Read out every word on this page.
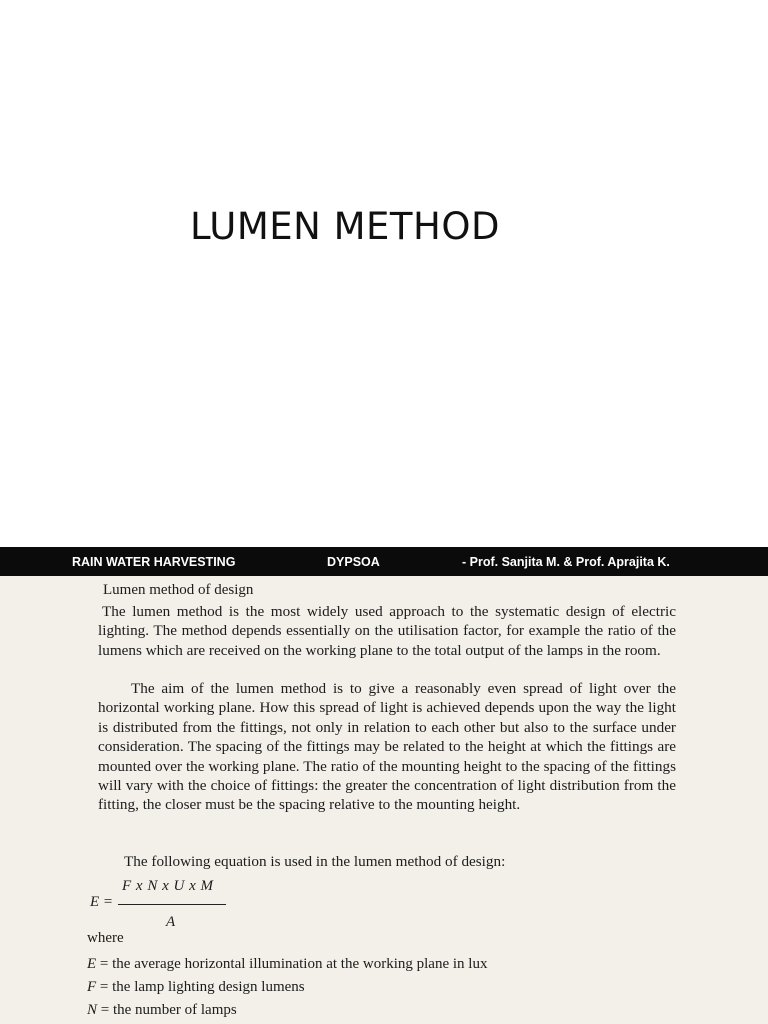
LUMEN METHOD
RAIN WATER HARVESTING	DYPSOA	- Prof. Sanjita M. & Prof. Aprajita K.
Lumen method of design

The lumen method is the most widely used approach to the systematic design of electric lighting. The method depends essentially on the utilisation factor, for example the ratio of the lumens which are received on the working plane to the total output of the lamps in the room.

The aim of the lumen method is to give a reasonably even spread of light over the horizontal working plane. How this spread of light is achieved depends upon the way the light is distributed from the fittings, not only in relation to each other but also to the surface under consideration. The spacing of the fittings may be related to the height at which the fittings are mounted over the working plane. The ratio of the mounting height to the spacing of the fittings will vary with the choice of fittings: the greater the concentration of light distribution from the fitting, the closer must be the spacing relative to the mounting height.

The following equation is used in the lumen method of design:

E =
F x N x U x M
A

where

E = the average horizontal illumination at the working plane in lux

F = the lamp lighting design lumens

N = the number of lamps
